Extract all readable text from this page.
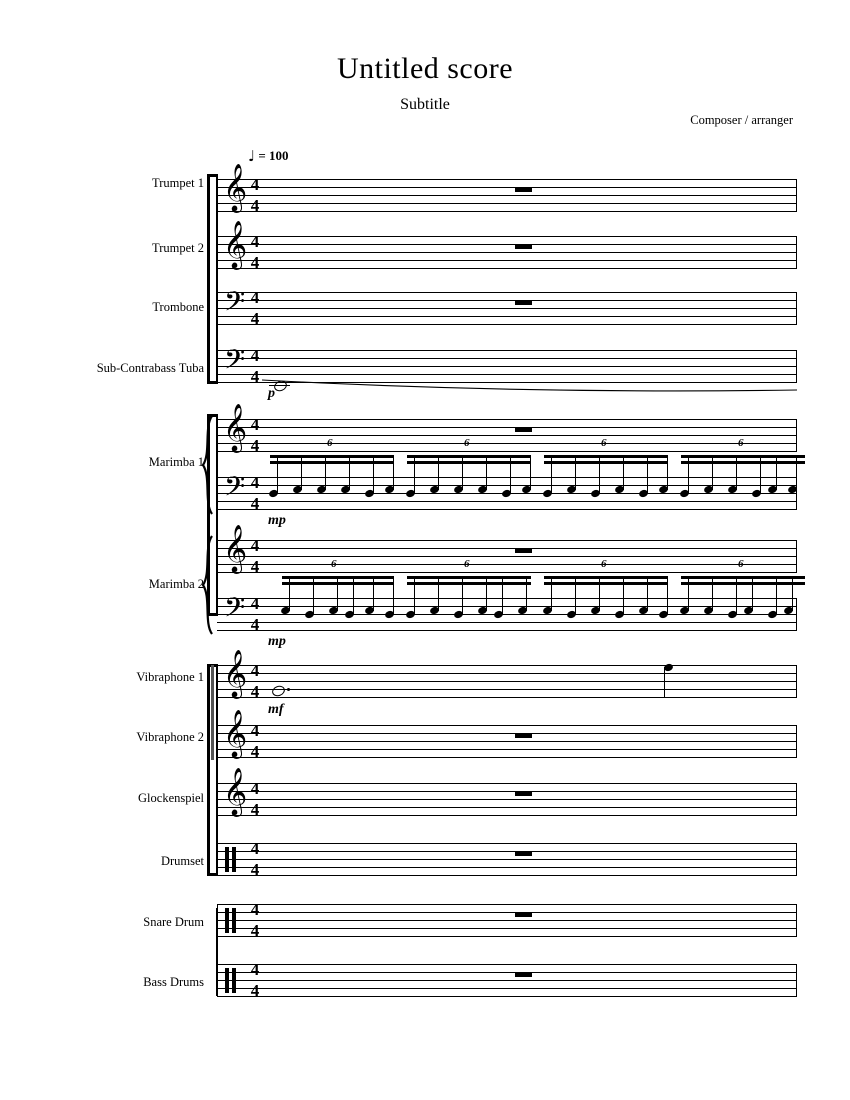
Untitled score
Subtitle
Composer / arranger
♩ = 100
Trumpet 1 𝄞 4
4
Trumpet 2 𝄞 4
4
Trombone 𝄢 4
4
Sub-Contrabass Tuba 𝄢 4
4
p
Marimba 1
𝄞 4
4
𝄢 4
4
6	6	6	6
mp
Marimba 2
𝄞 4
4
𝄢 4
4
6	6	6	6
mp
Vibraphone 1 𝄞 4
4
mf
Vibraphone 2 𝄞 4
4
Glockenspiel 𝄞 4
4
Drumset
4
4
Snare Drum
4
4
Bass Drums
4
4
